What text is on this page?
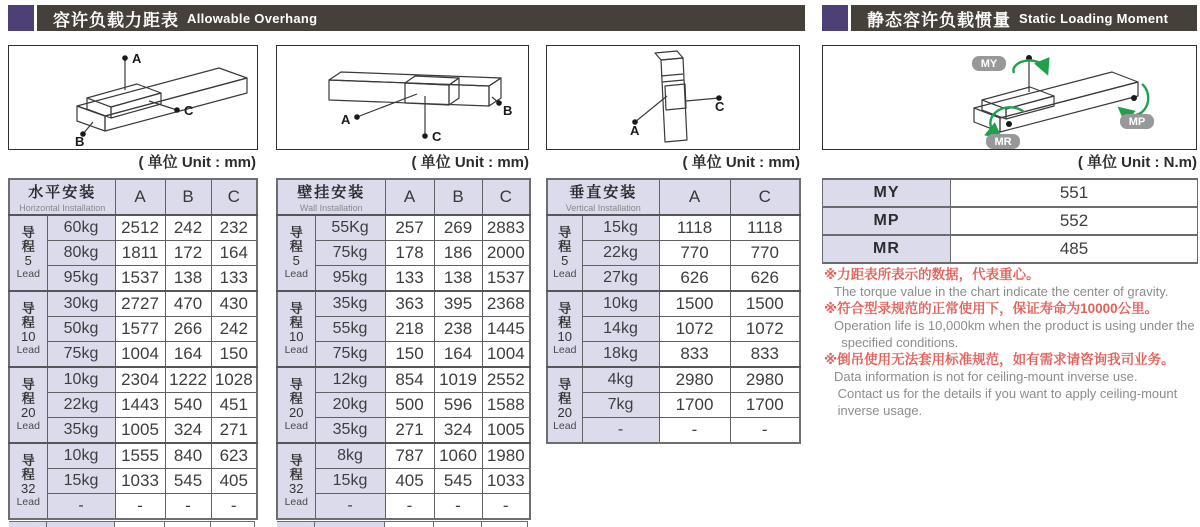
容许负载力距表 Allowable Overhang	静态容许负载惯量 Static Loading Moment
A
C
B
A
C
B
A
C
MY
MP
MR
( 单位 Unit : mm)	( 单位 Unit : mm)	( 单位 Unit : mm)	( 单位 Unit : N.m)
水平安装
Horizontal Installation		A	B	C

导
程
5
Lead	60kg	2512	242	232
	80kg	1811	172	164
	95kg	1537	138	133

导
程
10
Lead	30kg	2727	470	430
	50kg	1577	266	242
	75kg	1004	164	150

导
程
20
Lead	10kg	2304	1222	1028
	22kg	1443	540	451
	35kg	1005	324	271

导
程
32
Lead	10kg	1555	840	623
	15kg	1033	545	405
	-	-	-	-
壁挂安装
Wall Installation		A	B	C

导
程
5
Lead	55Kg	257	269	2883
	75kg	178	186	2000
	95kg	133	138	1537

导
程
10
Lead	35kg	363	395	2368
	55kg	218	238	1445
	75kg	150	164	1004

导
程
20
Lead	12kg	854	1019	2552
	20kg	500	596	1588
	35kg	271	324	1005

导
程
32
Lead	8kg	787	1060	1980
	15kg	405	545	1033
	-	-	-	-
垂直安装
Vertical Installation		A	C

导
程
5
Lead	15kg	1118	1118
	22kg	770	770
	27kg	626	626

导
程
10
Lead	10kg	1500	1500
	14kg	1072	1072
	18kg	833	833

导
程
20
Lead	4kg	2980	2980
	7kg	1700	1700
	-	-	-
MY	551
MP	552
MR	485
※力距表所表示的数据，代表重心。
The torque value in the chart indicate the center of gravity.
※符合型录规范的正常使用下，保证寿命为10000公里。
Operation life is 10,000km when the product is using under the
specified conditions.
※倒吊使用无法套用标准规范，如有需求请咨询我司业务。
Data information is not for ceiling-mount inverse use.
Contact us for the details if you want to apply ceiling-mount
inverse usage.
